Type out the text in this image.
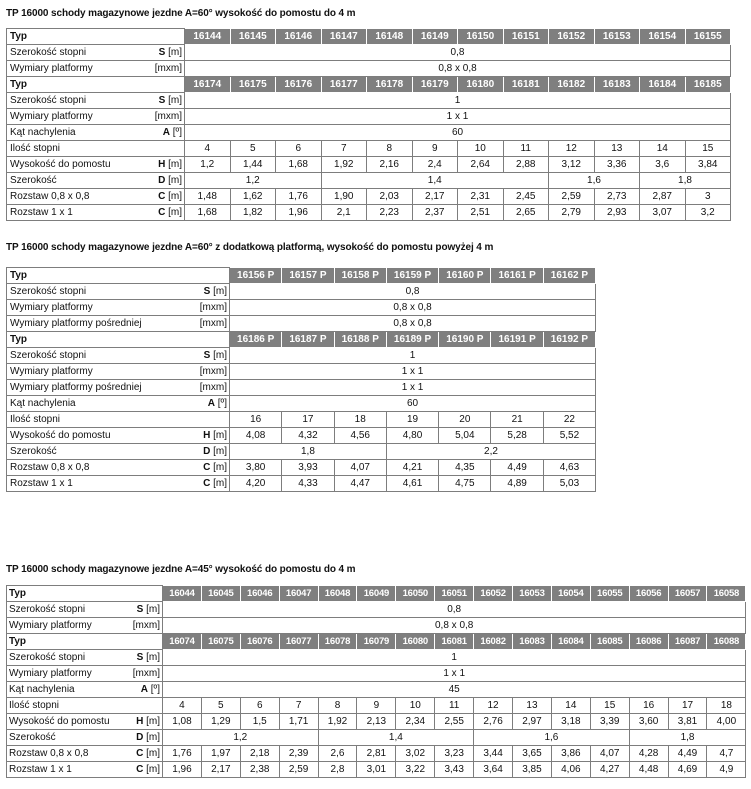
TP 16000 schody magazynowe jezdne A=60° wysokość do pomostu do 4 m
Typ		16144	16145	16146	16147	16148	16149	16150	16151	16152	16153	16154	16155
Szerokość stopni	S [m]	0,8											
Wymiary platformy	[mxm]	0,8 x 0,8											
Typ		16174	16175	16176	16177	16178	16179	16180	16181	16182	16183	16184	16185
Szerokość stopni	S [m]	1											
Wymiary platformy	[mxm]	1 x 1											
Kąt nachylenia	A [º]	60											
Ilość stopni		4	5	6	7	8	9	10	11	12	13	14	15
Wysokość do pomostu	H [m]	1,2	1,44	1,68	1,92	2,16	2,4	2,64	2,88	3,12	3,36	3,6	3,84
Szerokość	D [m]	1,2			1,4					1,6		1,8	
Rozstaw 0,8 x 0,8	C [m]	1,48	1,62	1,76	1,90	2,03	2,17	2,31	2,45	2,59	2,73	2,87	3
Rozstaw 1 x 1	C [m]	1,68	1,82	1,96	2,1	2,23	2,37	2,51	2,65	2,79	2,93	3,07	3,2
TP 16000 schody magazynowe jezdne A=60° z dodatkową platformą, wysokość do pomostu powyżej 4 m
Typ		16156 P	16157 P	16158 P	16159 P	16160 P	16161 P	16162 P
Szerokość stopni	S [m]	0,8						
Wymiary platformy	[mxm]	0,8 x 0,8						
Wymiary platformy pośredniej	[mxm]	0,8 x 0,8						
Typ		16186 P	16187 P	16188 P	16189 P	16190 P	16191 P	16192 P
Szerokość stopni	S [m]	1						
Wymiary platformy	[mxm]	1 x 1						
Wymiary platformy pośredniej	[mxm]	1 x 1						
Kąt nachylenia	A [º]	60						
Ilość stopni		16	17	18	19	20	21	22
Wysokość do pomostu	H [m]	4,08	4,32	4,56	4,80	5,04	5,28	5,52
Szerokość	D [m]	1,8			2,2			
Rozstaw 0,8 x 0,8	C [m]	3,80	3,93	4,07	4,21	4,35	4,49	4,63
Rozstaw 1 x 1	C [m]	4,20	4,33	4,47	4,61	4,75	4,89	5,03
TP 16000 schody magazynowe jezdne A=45° wysokość do pomostu do 4 m
Typ		16044	16045	16046	16047	16048	16049	16050	16051	16052	16053	16054	16055	16056	16057	16058
Szerokość stopni	S [m]	0,8														
Wymiary platformy	[mxm]	0,8 x 0,8														
Typ		16074	16075	16076	16077	16078	16079	16080	16081	16082	16083	16084	16085	16086	16087	16088
Szerokość stopni	S [m]	1														
Wymiary platformy	[mxm]	1 x 1														
Kąt nachylenia	A [º]	45														
Ilość stopni		4	5	6	7	8	9	10	11	12	13	14	15	16	17	18
Wysokość do pomostu	H [m]	1,08	1,29	1,5	1,71	1,92	2,13	2,34	2,55	2,76	2,97	3,18	3,39	3,60	3,81	4,00
Szerokość	D [m]	1,2				1,4				1,6				1,8		
Rozstaw 0,8 x 0,8	C [m]	1,76	1,97	2,18	2,39	2,6	2,81	3,02	3,23	3,44	3,65	3,86	4,07	4,28	4,49	4,7
Rozstaw 1 x 1	C [m]	1,96	2,17	2,38	2,59	2,8	3,01	3,22	3,43	3,64	3,85	4,06	4,27	4,48	4,69	4,9
